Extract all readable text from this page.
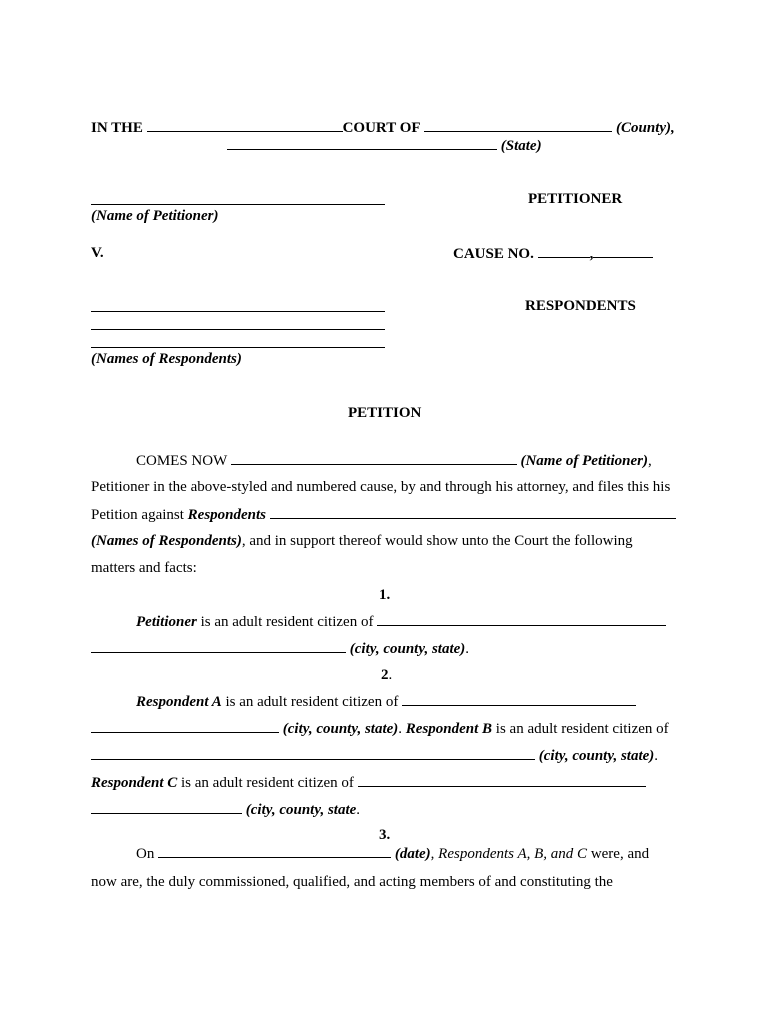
IN THE	COURT OF	(County),
(State)
PETITIONER
(Name of Petitioner)
V.	CAUSE NO.	,
RESPONDENTS
(Names of Respondents)
PETITION
COMES NOW	(Name of Petitioner),
Petitioner in the above-styled and numbered cause, by and through his attorney, and files this his
Petition against Respondents
(Names of Respondents), and in support thereof would show unto the Court the following
matters and facts:
1.
Petitioner is an adult resident citizen of
(city, county, state).
2.
Respondent A is an adult resident citizen of
(city, county, state). Respondent B is an adult resident citizen of
(city, county, state).
Respondent C is an adult resident citizen of
(city, county, state.
3.
On	(date), Respondents A, B, and C were, and
now are, the duly commissioned, qualified, and acting members of and constituting the
